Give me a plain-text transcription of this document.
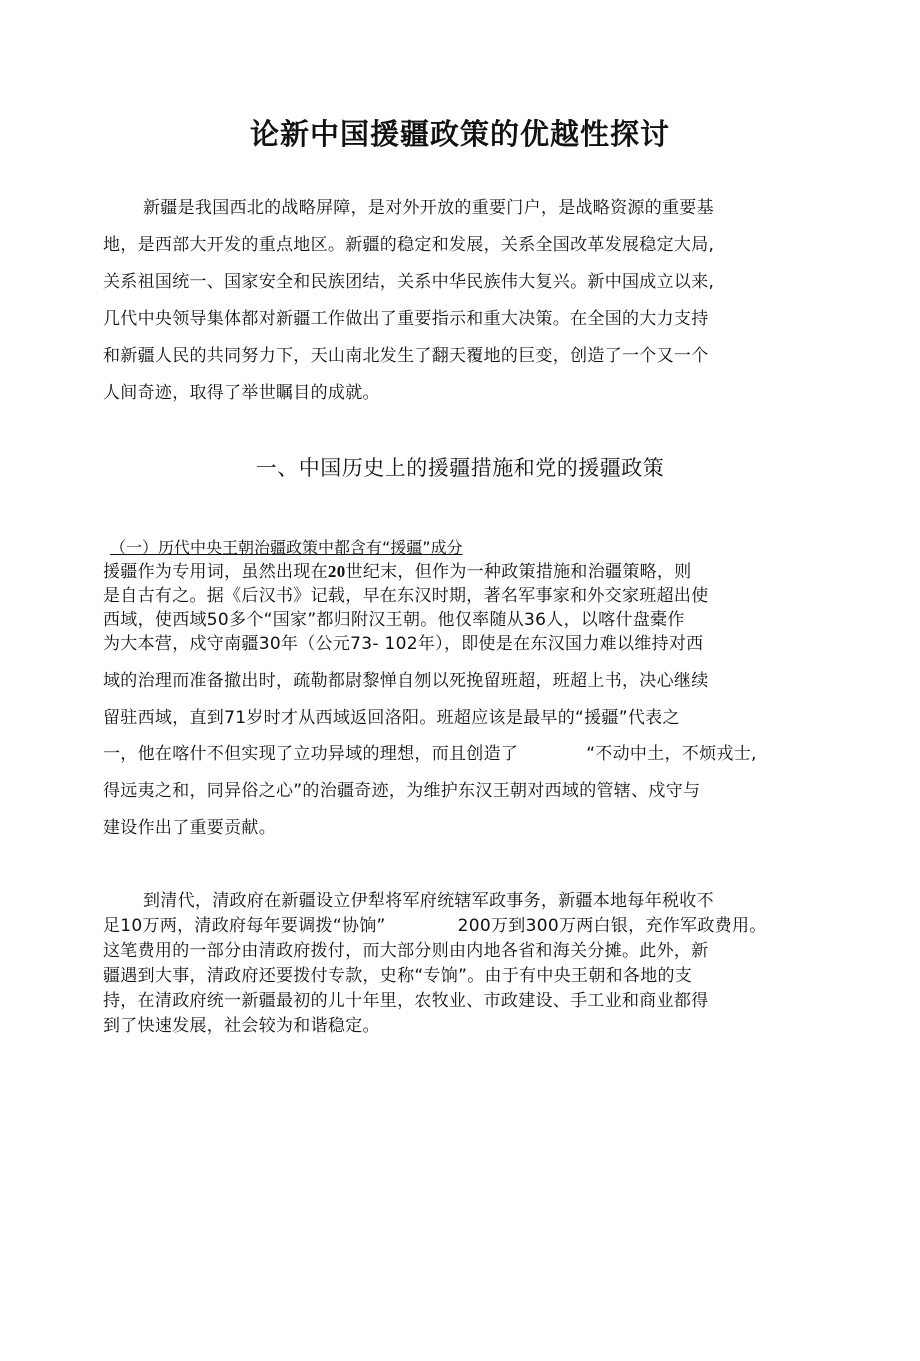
论新中国援疆政策的优越性探讨
新疆是我国西北的战略屏障，是对外开放的重要门户，是战略资源的重要基
地，是西部大开发的重点地区。新疆的稳定和发展，关系全国改革发展稳定大局,
关系祖国统一、国家安全和民族团结，关系中华民族伟大复兴。新中国成立以来,
几代中央领导集体都对新疆工作做出了重要指示和重大决策。在全国的大力支持
和新疆人民的共同努力下，天山南北发生了翻天覆地的巨变，创造了一个又一个
人间奇迹，取得了举世瞩目的成就。
一、中国历史上的援疆措施和党的援疆政策
（一）历代中央王朝治疆政策中都含有“援疆”成分
援疆作为专用词，虽然出现在20世纪末，但作为一种政策措施和治疆策略，则
是自古有之。据《后汉书》记载，早在东汉时期，著名军事家和外交家班超出使
西域，使西域50多个“国家”都归附汉王朝。他仅率随从36人，以喀什盘橐作
为大本营，戍守南疆30年（公元73- 102年），即使是在东汉国力难以维持对西
域的治理而准备撤出时，疏勒都尉黎惮自刎以死挽留班超，班超上书，决心继续
留驻西域，直到71岁时才从西域返回洛阳。班超应该是最早的“援疆”代表之
一，他在喀什不但实现了立功异域的理想，而且创造了	“不动中土，不烦戎士,
得远夷之和，同异俗之心”的治疆奇迹，为维护东汉王朝对西域的管辖、戍守与
建设作出了重要贡献。
到清代，清政府在新疆设立伊犁将军府统辖军政事务，新疆本地每年税收不
足10万两，清政府每年要调拨“协饷”	200万到300万两白银，充作军政费用。
这笔费用的一部分由清政府拨付，而大部分则由内地各省和海关分摊。此外，新
疆遇到大事，清政府还要拨付专款，史称“专饷”。由于有中央王朝和各地的支
持，在清政府统一新疆最初的儿十年里，农牧业、市政建设、手工业和商业都得
到了快速发展，社会较为和谐稳定。
